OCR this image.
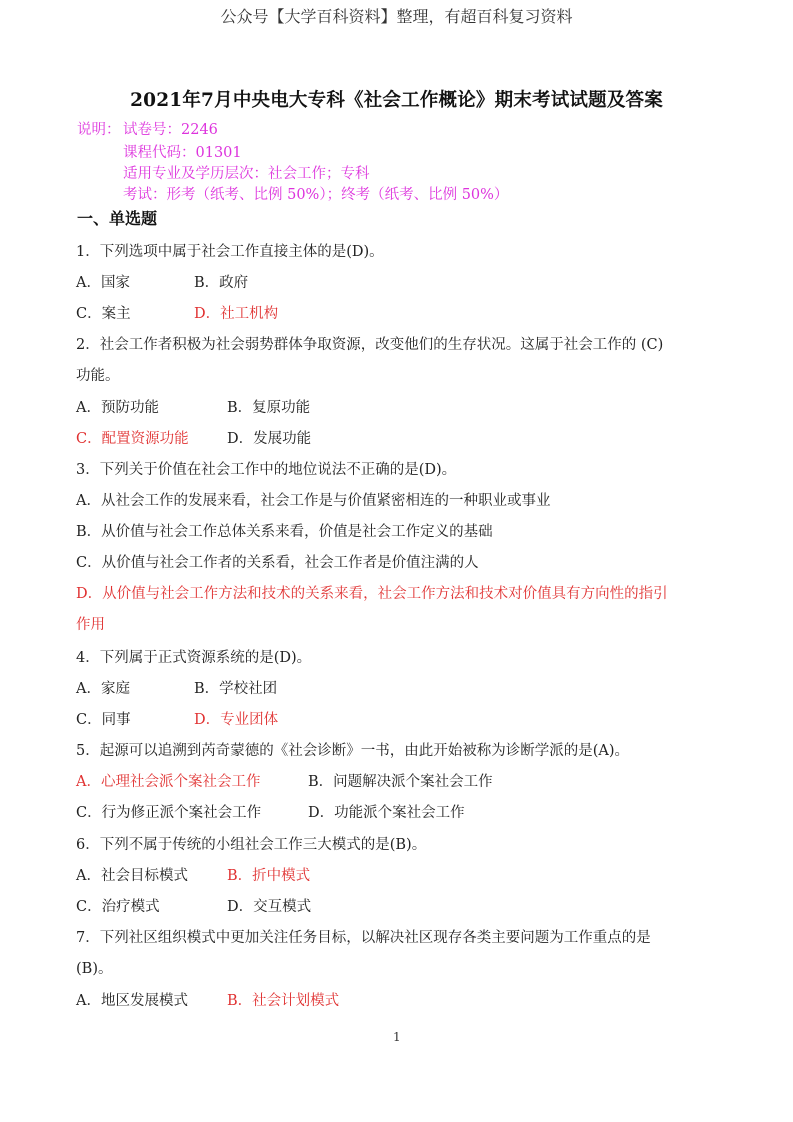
公众号【大学百科资料】整理，有超百科复习资料
2021年7月中央电大专科《社会工作概论》期末考试试题及答案
说明： 试卷号：2246
课程代码：01301
适用专业及学历层次：社会工作；专科
考试：形考（纸考、比例 50%）；终考（纸考、比例 50%）
一、单选题
1．下列选项中属于社会工作直接主体的是(D)。
A．国家	B．政府
C．案主	D．社工机构
2．社会工作者积极为社会弱势群体争取资源，改变他们的生存状况。这属于社会工作的 (C)
功能。
A．预防功能	B．复原功能
C．配置资源功能	D．发展功能
3．下列关于价值在社会工作中的地位说法不正确的是(D)。
A．从社会工作的发展来看，社会工作是与价值紧密相连的一种职业或事业
B．从价值与社会工作总体关系来看，价值是社会工作定义的基础
C．从价值与社会工作者的关系看，社会工作者是价值注满的人
D．从价值与社会工作方法和技术的关系来看，社会工作方法和技术对价值具有方向性的指引
作用
4．下列属于正式资源系统的是(D)。
A．家庭	B．学校社团
C．同事	D．专业团体
5．起源可以追溯到芮奇蒙德的《社会诊断》一书，由此开始被称为诊断学派的是(A)。
A．心理社会派个案社会工作	B．问题解决派个案社会工作
C．行为修正派个案社会工作	D．功能派个案社会工作
6．下列不属于传统的小组社会工作三大模式的是(B)。
A．社会目标模式	B．折中模式
C．治疗模式	D．交互模式
7．下列社区组织模式中更加关注任务目标，以解决社区现存各类主要问题为工作重点的是
(B)。
A．地区发展模式	B．社会计划模式
1
